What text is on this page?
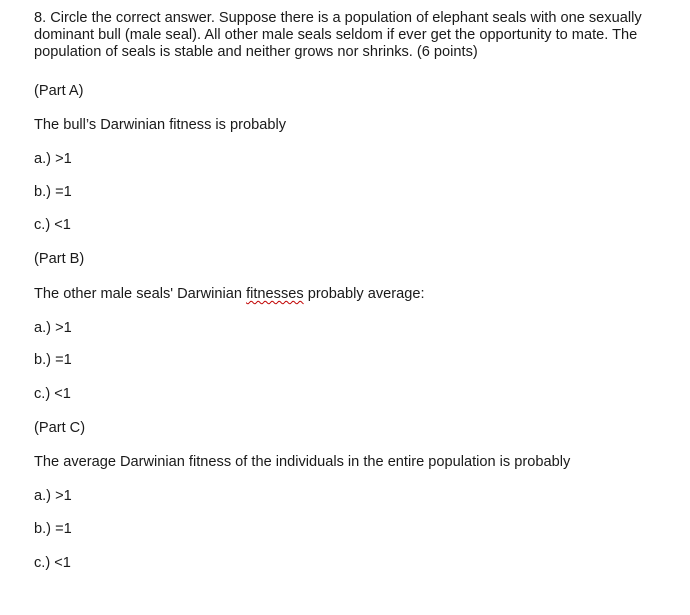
8. Circle the correct answer. Suppose there is a population of elephant seals with one sexually dominant bull (male seal). All other male seals seldom if ever get the opportunity to mate. The population of seals is stable and neither grows nor shrinks. (6 points)

(Part A)

The bull’s Darwinian fitness is probably

a.) >1

b.) =1

c.) <1

(Part B)

The other male seals' Darwinian fitnesses probably average:

a.) >1

b.) =1

c.) <1

(Part C)

The average Darwinian fitness of the individuals in the entire population is probably

a.) >1

b.) =1

c.) <1
